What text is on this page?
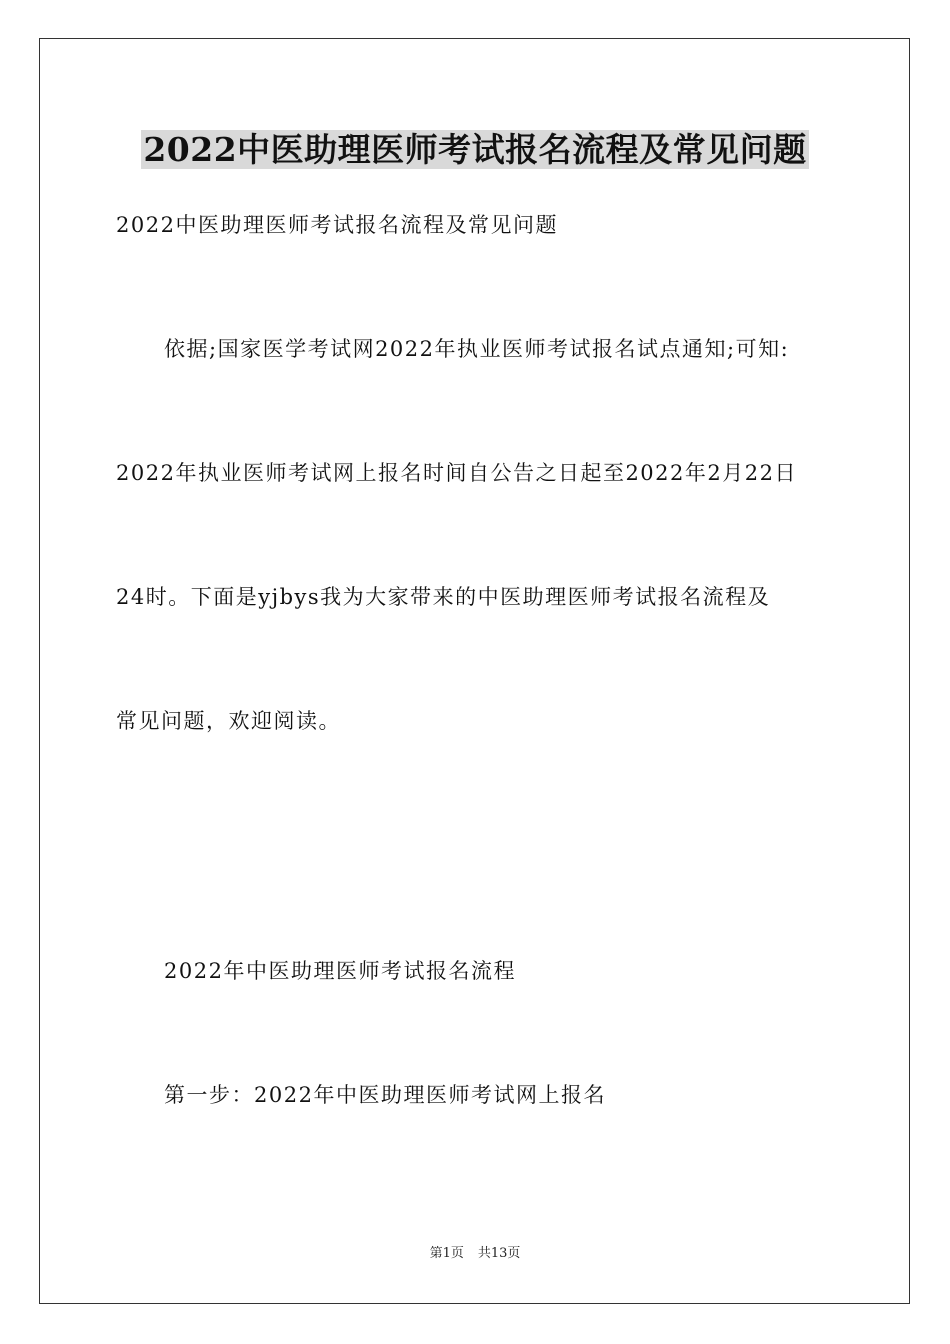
2022中医助理医师考试报名流程及常见问题
2022中医助理医师考试报名流程及常见问题
依据;国家医学考试网2022年执业医师考试报名试点通知;可知:
2022年执业医师考试网上报名时间自公告之日起至2022年2月22日
24时。下面是yjbys我为大家带来的中医助理医师考试报名流程及
常见问题，欢迎阅读。
2022年中医助理医师考试报名流程
第一步：2022年中医助理医师考试网上报名
第1页 共13页
